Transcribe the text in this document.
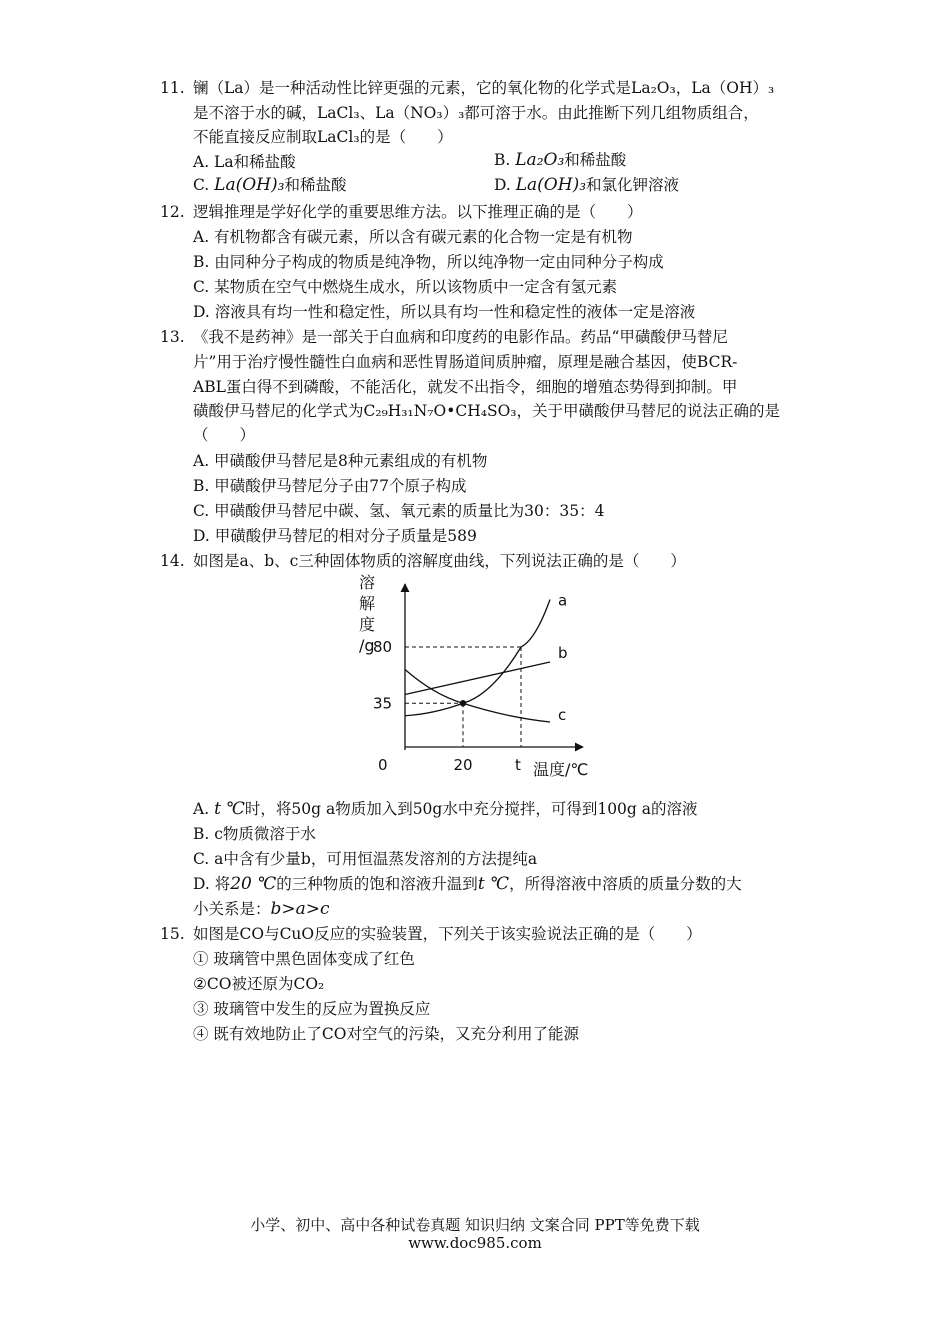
11. 镧（La）是一种活动性比锌更强的元素，它的氧化物的化学式是La₂O₃，La（OH）₃
是不溶于水的碱，LaCl₃、La（NO₃）₃都可溶于水。由此推断下列几组物质组合，
不能直接反应制取LaCl₃的是（　　）
A. La和稀盐酸	B. La₂O₃和稀盐酸
C. La(OH)₃和稀盐酸	D. La(OH)₃和氯化钾溶液
12. 逻辑推理是学好化学的重要思维方法。以下推理正确的是（　　）
A. 有机物都含有碳元素，所以含有碳元素的化合物一定是有机物
B. 由同种分子构成的物质是纯净物，所以纯净物一定由同种分子构成
C. 某物质在空气中燃烧生成水，所以该物质中一定含有氢元素
D. 溶液具有均一性和稳定性，所以具有均一性和稳定性的液体一定是溶液
13. 《我不是药神》是一部关于白血病和印度药的电影作品。药品“甲磺酸伊马替尼
片”用于治疗慢性髓性白血病和恶性胃肠道间质肿瘤，原理是融合基因，使BCR-
ABL蛋白得不到磷酸，不能活化，就发不出指令，细胞的增殖态势得到抑制。甲
磺酸伊马替尼的化学式为C₂₉H₃₁N₇O•CH₄SO₃，关于甲磺酸伊马替尼的说法正确的是
（　　）
A. 甲磺酸伊马替尼是8种元素组成的有机物
B. 甲磺酸伊马替尼分子由77个原子构成
C. 甲磺酸伊马替尼中碳、氢、氧元素的质量比为30：35：4
D. 甲磺酸伊马替尼的相对分子质量是589
14. 如图是a、b、c三种固体物质的溶解度曲线，下列说法正确的是（　　）
溶
解
度
/g
a
b
c
35
80
0	20	t 温度/℃
A. t ℃时，将50g a物质加入到50g水中充分搅拌，可得到100g a的溶液
B. c物质微溶于水
C. a中含有少量b，可用恒温蒸发溶剂的方法提纯a
D. 将20 ℃的三种物质的饱和溶液升温到t ℃，所得溶液中溶质的质量分数的大
小关系是：b>a>c
15. 如图是CO与CuO反应的实验装置，下列关于该实验说法正确的是（　　）
① 玻璃管中黑色固体变成了红色
②CO被还原为CO₂
③ 玻璃管中发生的反应为置换反应
④ 既有效地防止了CO对空气的污染，又充分利用了能源
小学、初中、高中各种试卷真题 知识归纳 文案合同 PPT等免费下载
www.doc985.com
